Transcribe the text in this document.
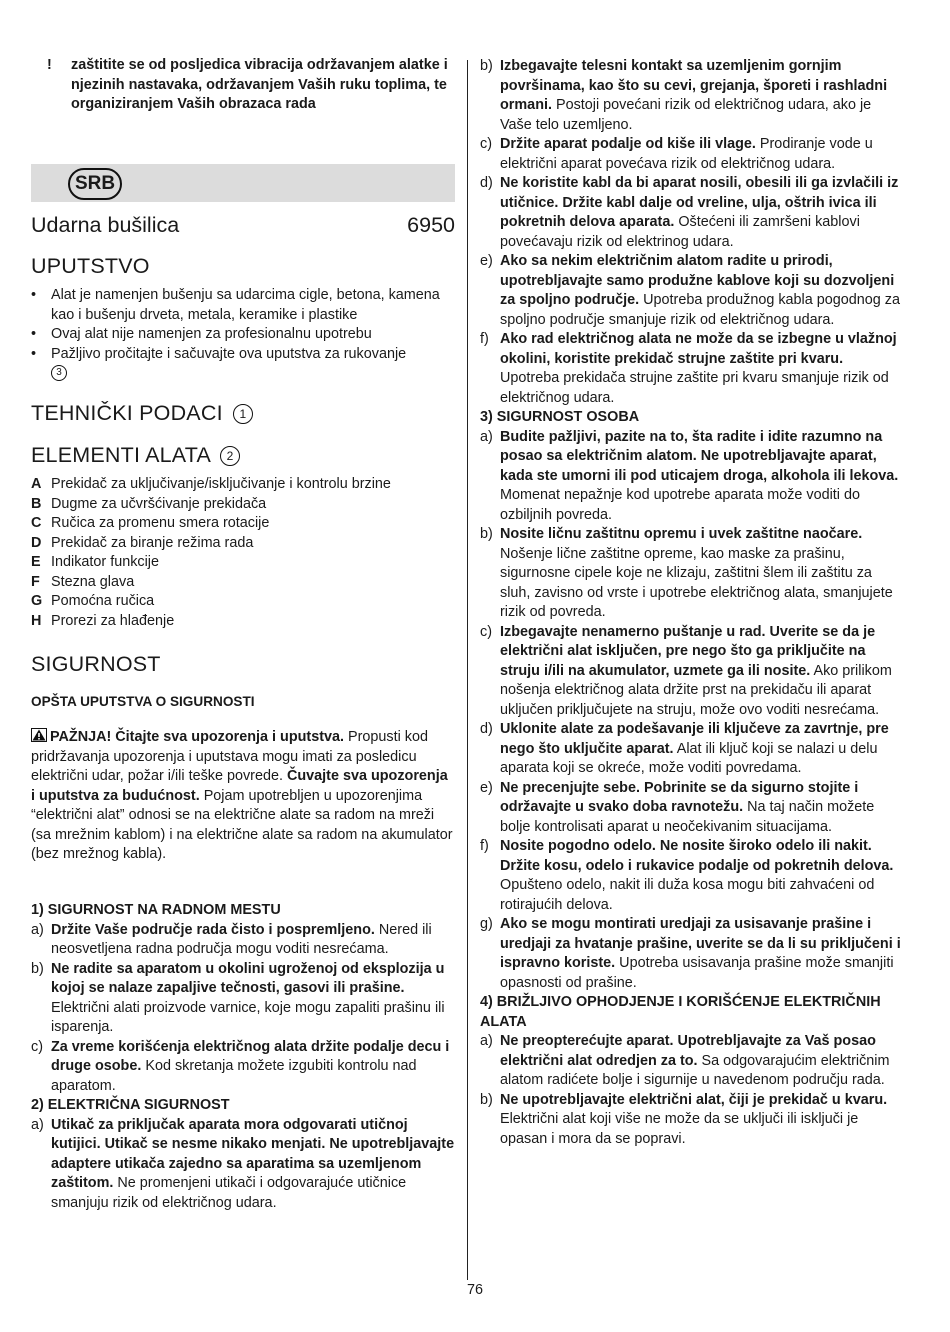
!	zaštitite se od posljedica vibracija održavanjem alatke i njezinih nastavaka, održavanjem Vaših ruku toplima, te organiziranjem Vaših obrazaca rada
SRB
Udarna bušilica	6950
UPUTSTVO
• Alat je namenjen bušenju sa udarcima cigle, betona, kamena kao i bušenju drveta, metala, keramike i plastike
• Ovaj alat nije namenjen za profesionalnu upotrebu
• Pažljivo pročitajte i sačuvajte ova uputstva za rukovanje
3
TEHNIČKI PODACI 1
ELEMENTI ALATA 2
A Prekidač za uključivanje/isključivanje i kontrolu brzine
B Dugme za učvršćivanje prekidača
C Ručica za promenu smera rotacije
D Prekidač za biranje režima rada
E Indikator funkcije
F Stezna glava
G Pomoćna ručica
H Prorezi za hlađenje
SIGURNOST
OPŠTA UPUTSTVA O SIGURNOSTI
PAŽNJA! Čitajte sva upozorenja i uputstva. Propusti kod pridržavanja upozorenja i uputstava mogu imati za posledicu električni udar, požar i/ili teške povrede. Čuvajte sva upozorenja i uputstva za budućnost. Pojam upotrebljen u upozorenjima “električni alat” odnosi se na električne alate sa radom na mreži (sa mrežnim kablom) i na električne alate sa radom na akumulator (bez mrežnog kabla).
1) SIGURNOST NA RADNOM MESTU
a) Držite Vaše područje rada čisto i pospremljeno. Nered ili neosvetljena radna područja mogu voditi nesrećama.
b) Ne radite sa aparatom u okolini ugroženoj od eksplozija u kojoj se nalaze zapaljive tečnosti, gasovi ili prašine. Električni alati proizvode varnice, koje mogu zapaliti prašinu ili isparenja.
c) Za vreme korišćenja električnog alata držite podalje decu i druge osobe. Kod skretanja možete izgubiti kontrolu nad aparatom.
2) ELEKTRIČNA SIGURNOST
a) Utikač za priključak aparata mora odgovarati utičnoj kutijici. Utikač se nesme nikako menjati. Ne upotrebljavajte adaptere utikača zajedno sa aparatima sa uzemljenom zaštitom. Ne promenjeni utikači i odgovarajuće utičnice smanjuju rizik od električnog udara.
b) Izbegavajte telesni kontakt sa uzemljenim gornjim površinama, kao što su cevi, grejanja, šporeti i rashladni ormani. Postoji povećani rizik od električnog udara, ako je Vaše telo uzemljeno.
c) Držite aparat podalje od kiše ili vlage. Prodiranje vode u električni aparat povećava rizik od električnog udara.
d) Ne koristite kabl da bi aparat nosili, obesili ili ga izvlačili iz utičnice. Držite kabl dalje od vreline, ulja, oštrih ivica ili pokretnih delova aparata. Oštećeni ili zamršeni kablovi povećavaju rizik od elektrinog udara.
e) Ako sa nekim električnim alatom radite u prirodi, upotrebljavajte samo produžne kablove koji su dozvoljeni za spoljno područje. Upotreba produžnog kabla pogodnog za spoljno područje smanjuje rizik od električnog udara.
f) Ako rad električnog alata ne može da se izbegne u vlažnoj okolini, koristite prekidač strujne zaštite pri kvaru. Upotreba prekidača strujne zaštite pri kvaru smanjuje rizik od električnog udara.
3) SIGURNOST OSOBA
a) Budite pažljivi, pazite na to, šta radite i idite razumno na posao sa električnim alatom. Ne upotrebljavajte aparat, kada ste umorni ili pod uticajem droga, alkohola ili lekova. Momenat nepažnje kod upotrebe aparata može voditi do ozbiljnih povreda.
b) Nosite ličnu zaštitnu opremu i uvek zaštitne naočare. Nošenje lične zaštitne opreme, kao maske za prašinu, sigurnosne cipele koje ne klizaju, zaštitni šlem ili zaštitu za sluh, zavisno od vrste i upotrebe električnog alata, smanjujete rizik od povreda.
c) Izbegavajte nenamerno puštanje u rad. Uverite se da je električni alat isključen, pre nego što ga priključite na struju i/ili na akumulator, uzmete ga ili nosite. Ako prilikom nošenja električnog alata držite prst na prekidaču ili aparat uključen priključujete na struju, može ovo voditi nesrećama.
d) Uklonite alate za podešavanje ili ključeve za zavrtnje, pre nego što uključite aparat. Alat ili ključ koji se nalazi u delu aparata koji se okreće, može voditi povredama.
e) Ne precenjujte sebe. Pobrinite se da sigurno stojite i održavajte u svako doba ravnotežu. Na taj način možete bolje kontrolisati aparat u neočekivanim situacijama.
f) Nosite pogodno odelo. Ne nosite široko odelo ili nakit. Držite kosu, odelo i rukavice podalje od pokretnih delova. Opušteno odelo, nakit ili duža kosa mogu biti zahvaćeni od rotirajućih delova.
g) Ako se mogu montirati uredjaji za usisavanje prašine i uredjaji za hvatanje prašine, uverite se da li su priključeni i ispravno koriste. Upotreba usisavanja prašine može smanjiti opasnosti od prašine.
4) BRIŽLJIVO OPHODJENJE I KORIŠĆENJE ELEKTRIČNIH ALATA
a) Ne preopterećujte aparat. Upotrebljavajte za Vaš posao električni alat odredjen za to. Sa odgovarajućim električnim alatom radićete bolje i sigurnije u navedenom području rada.
b) Ne upotrebljavajte električni alat, čiji je prekidač u kvaru. Električni alat koji više ne može da se uključi ili isključi je opasan i mora da se popravi.
76
